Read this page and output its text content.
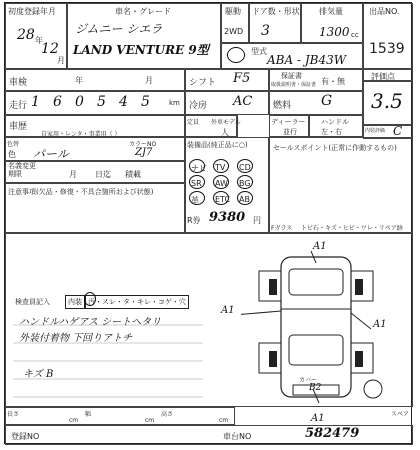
初度登録年月
28 年
12
月
車名・グレード
ジムニー シエラ
LAND VENTURE 9型
駆動
2WD
ドア数・形状
3
排気量
1300 cc
型式
ABA - JB43W
出品NO.
1539
車検	年	月	シフト F5	保証書
取扱説明書・保証書 有・無
評価点
3.5
走行 1 6 0 5 4 5	km 冷房 AC 燃料 G
車歴
自家用・レンタ・事業用（ ）
定員
人
外車モデル	ディーラー
並行
ハンドル
左・右	内装評価 C
色替
色 パール
カラーNO
ZJ7
名義変更期限	月 日迄 積載
注意事項(欠品・修復・不具合箇所および状態)
装備品(純正品に○)
ナビ TV CD
SR AW BG
革 ETC AB
R券 9380 円
セールスポイント(正常に作動するもの)
Fガラス トビ石・キズ・ヒビ・ワレ・リペア跡
検査員記入	内装 汚・スレ・タ・キレ・コゲ・穴
ハンドルハゲアス シートヘタリ
外装付着物 下回りアトチ
キズ B
A1
A1
A1
カバー
B2
A1	スペア
長さ
cm
幅
cm
高さ
cm
登録NO	車台NO	582479
